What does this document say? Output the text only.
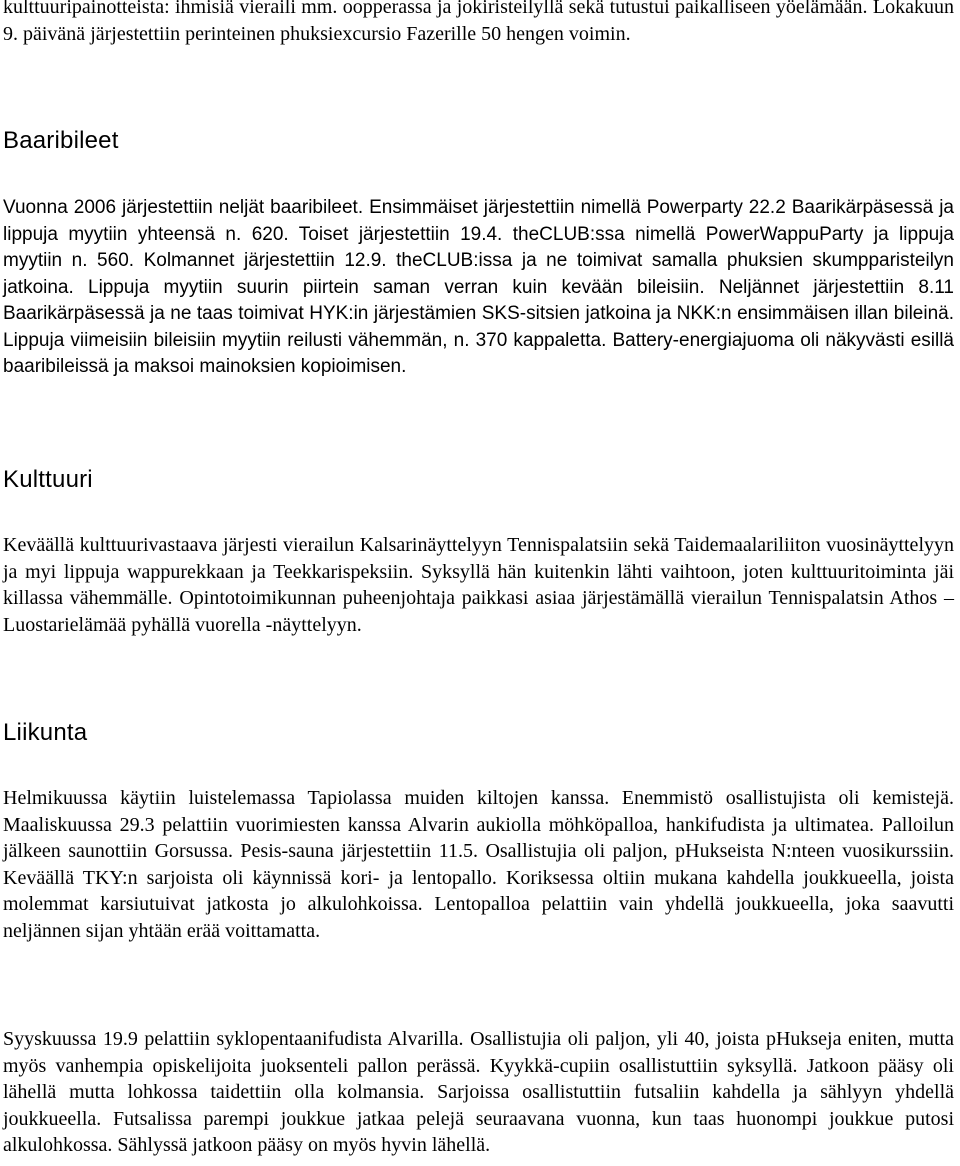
kulttuuripainotteista: ihmisiä vieraili mm. oopperassa ja jokiristeilyllä sekä tutustui paikalliseen yöelämään. Lokakuun 9. päivänä järjestettiin perinteinen phuksiexcursio Fazerille 50 hengen voimin.

Baaribileet

Vuonna 2006 järjestettiin neljät baaribileet. Ensimmäiset järjestettiin nimellä Powerparty 22.2 Baarikärpäsessä ja lippuja myytiin yhteensä n. 620. Toiset järjestettiin 19.4. theCLUB:ssa nimellä PowerWappuParty ja lippuja myytiin n. 560. Kolmannet järjestettiin 12.9. theCLUB:issa ja ne toimivat samalla phuksien skumpparisteilyn jatkoina. Lippuja myytiin suurin piirtein saman verran kuin kevään bileisiin. Neljännet järjestettiin 8.11 Baarikärpäsessä ja ne taas toimivat HYK:in järjestämien SKS-sitsien jatkoina ja NKK:n ensimmäisen illan bileinä. Lippuja viimeisiin bileisiin myytiin reilusti vähemmän, n. 370 kappaletta. Battery-energiajuoma oli näkyvästi esillä baaribileissä ja maksoi mainoksien kopioimisen.

Kulttuuri

Keväällä kulttuurivastaava järjesti vierailun Kalsarinäyttelyyn Tennispalatsiin sekä Taidemaalariliiton vuosinäyttelyyn ja myi lippuja wappurekkaan ja Teekkarispeksiin. Syksyllä hän kuitenkin lähti vaihtoon, joten kulttuuritoiminta jäi killassa vähemmälle. Opintotoimikunnan puheenjohtaja paikkasi asiaa järjestämällä vierailun Tennispalatsin Athos – Luostarielämää pyhällä vuorella -näyttelyyn.

Liikunta

Helmikuussa käytiin luistelemassa Tapiolassa muiden kiltojen kanssa. Enemmistö osallistujista oli kemistejä. Maaliskuussa 29.3 pelattiin vuorimiesten kanssa Alvarin aukiolla möhköpalloa, hankifudista ja ultimatea. Palloilun jälkeen saunottiin Gorsussa. Pesis-sauna järjestettiin 11.5. Osallistujia oli paljon, pHukseista N:nteen vuosikurssiin. Keväällä TKY:n sarjoista oli käynnissä kori- ja lentopallo. Koriksessa oltiin mukana kahdella joukkueella, joista molemmat karsiutuivat jatkosta jo alkulohkoissa. Lentopalloa pelattiin vain yhdellä joukkueella, joka saavutti neljännen sijan yhtään erää voittamatta.

Syyskuussa 19.9 pelattiin syklopentaanifudista Alvarilla. Osallistujia oli paljon, yli 40, joista pHukseja eniten, mutta myös vanhempia opiskelijoita juoksenteli pallon perässä. Kyykkä-cupiin osallistuttiin syksyllä. Jatkoon pääsy oli lähellä mutta lohkossa taidettiin olla kolmansia. Sarjoissa osallistuttiin futsaliin kahdella ja sählyyn yhdellä joukkueella. Futsalissa parempi joukkue jatkaa pelejä seuraavana vuonna, kun taas huonompi joukkue putosi alkulohkossa. Sählyssä jatkoon pääsy on myös hyvin lähellä.
